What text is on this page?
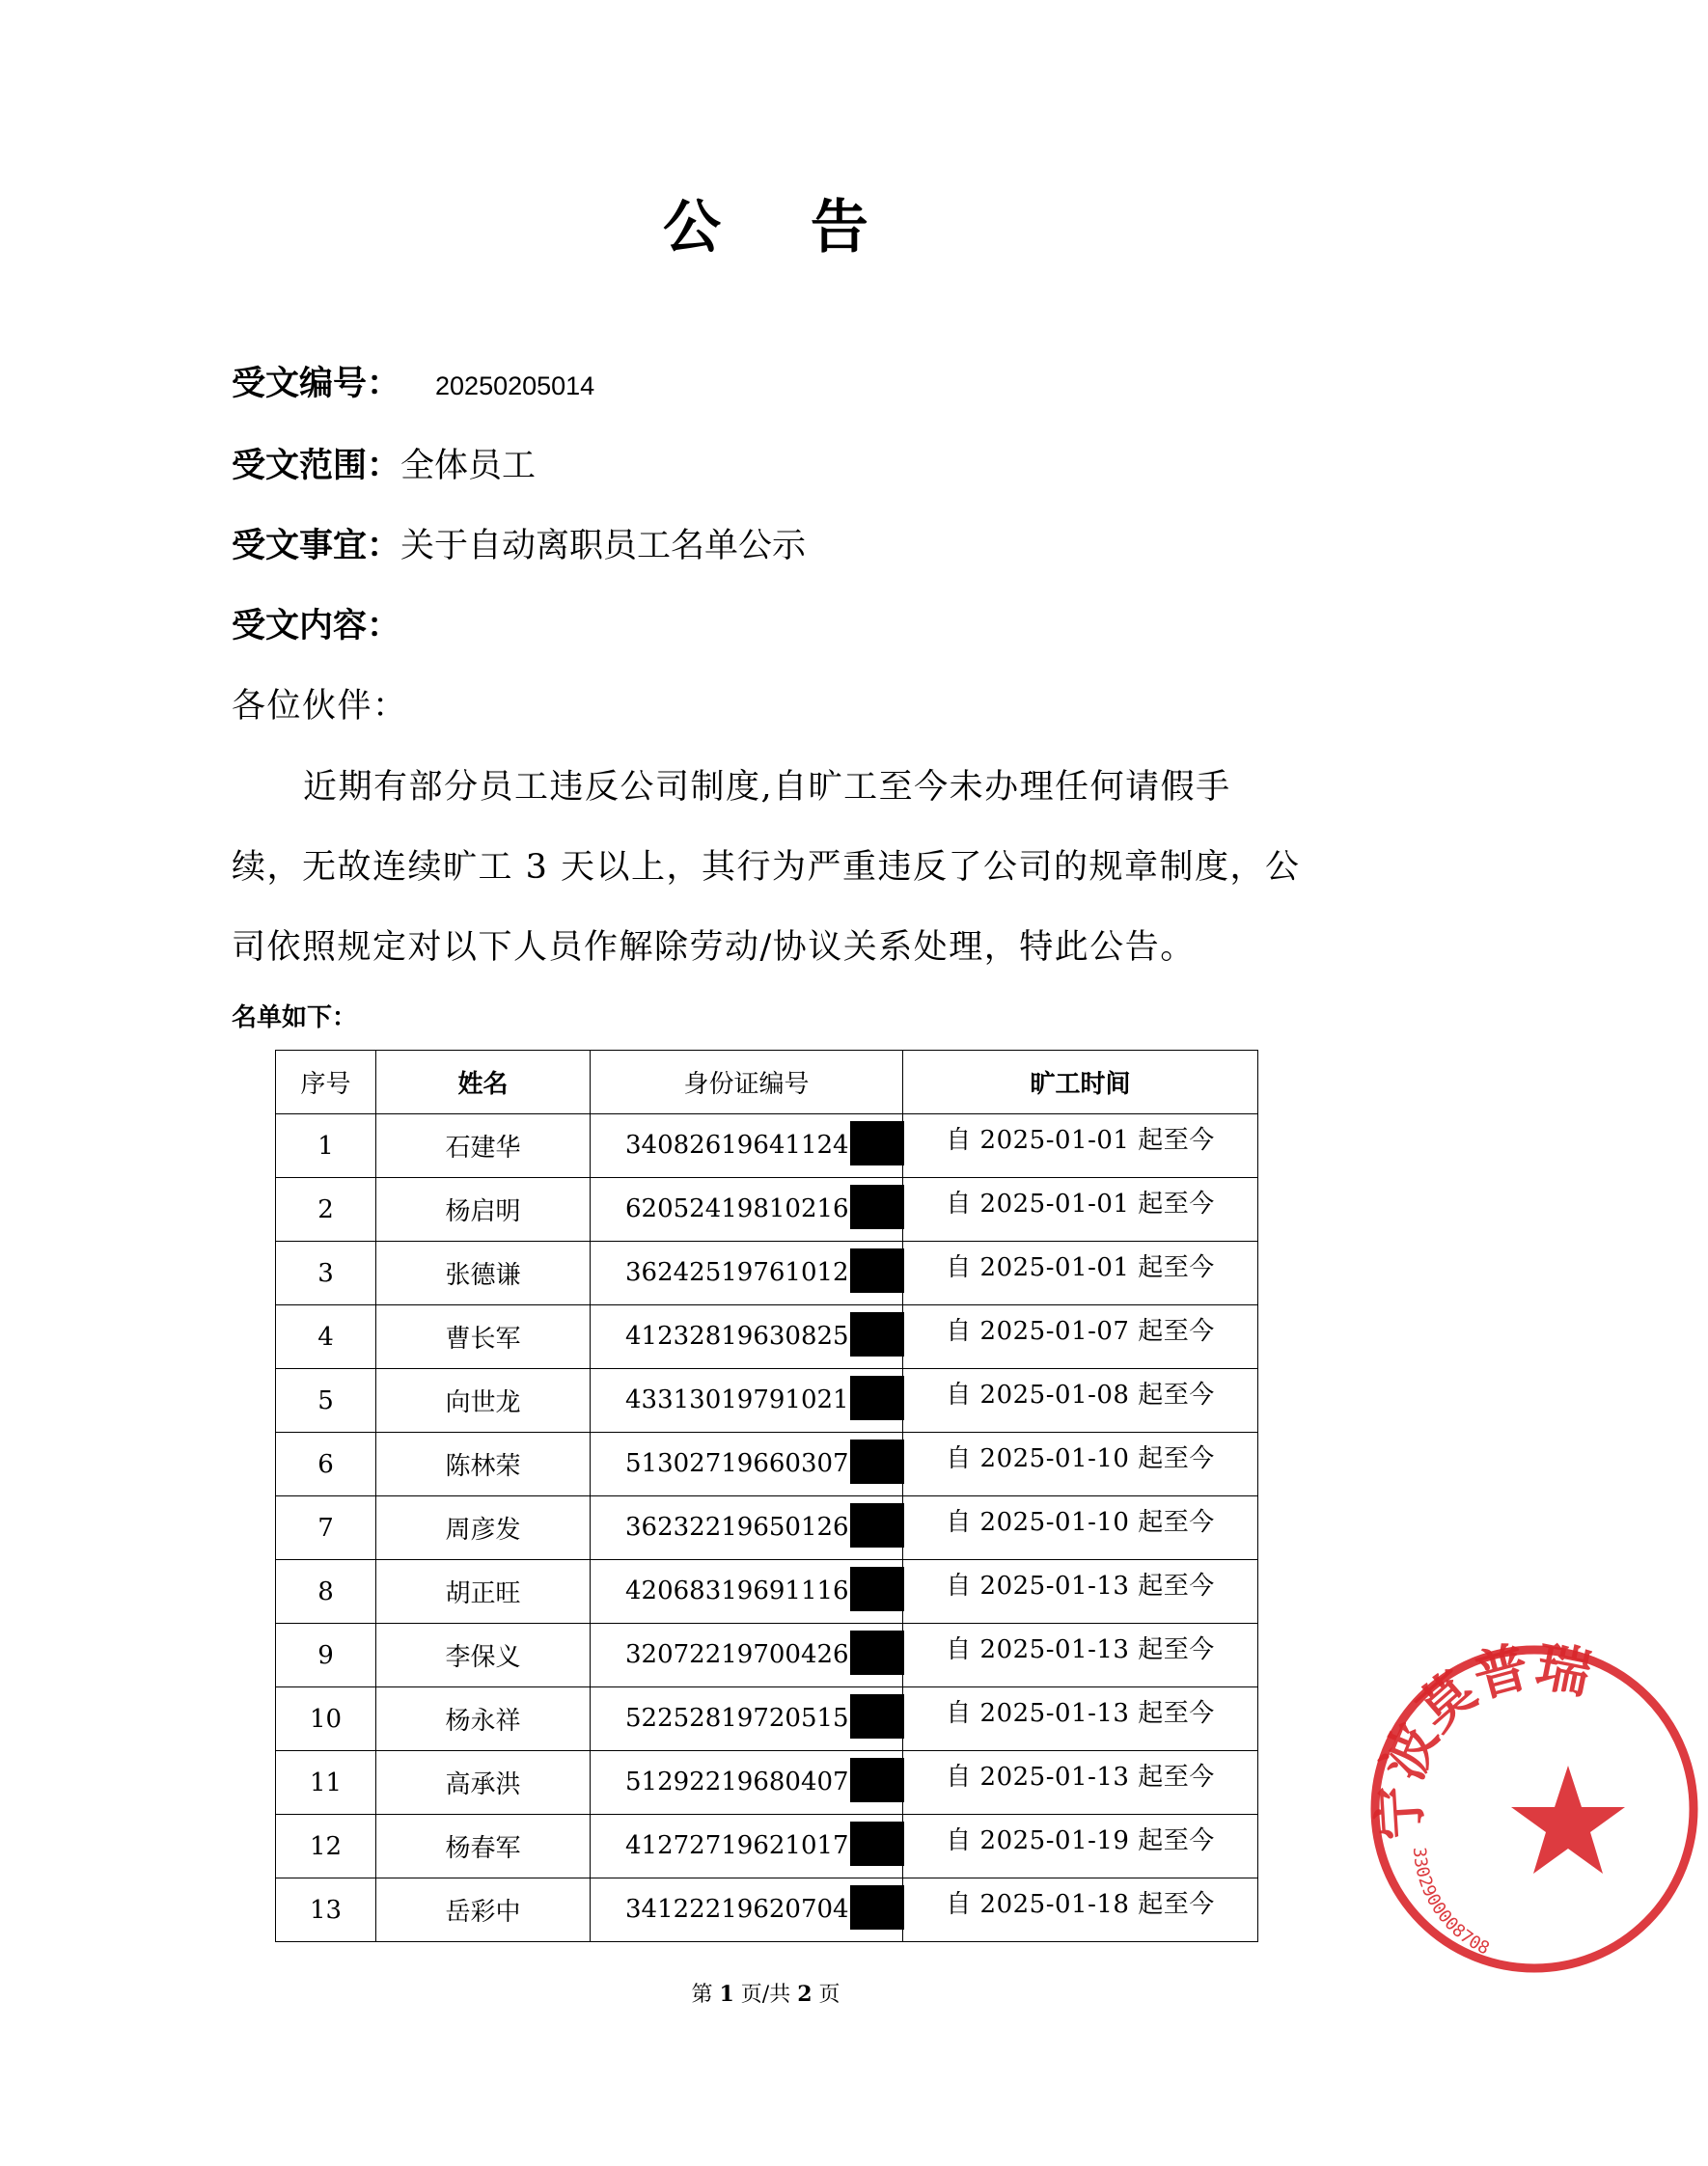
公 告
受文编号： 20250205014
受文范围：全体员工
受文事宜：关于自动离职员工名单公示
受文内容：
各位伙伴：
近期有部分员工违反公司制度,自旷工至今未办理任何请假手
续，无故连续旷工 3 天以上，其行为严重违反了公司的规章制度，公
司依照规定对以下人员作解除劳动/协议关系处理，特此公告。
名单如下：
序号	姓名	身份证编号	旷工时间
1	石建华	34082619641124	自 2025-01-01 起至今
2	杨启明	62052419810216	自 2025-01-01 起至今
3	张德谦	36242519761012	自 2025-01-01 起至今
4	曹长军	41232819630825	自 2025-01-07 起至今
5	向世龙	43313019791021	自 2025-01-08 起至今
6	陈林荣	51302719660307	自 2025-01-10 起至今
7	周彦发	36232219650126	自 2025-01-10 起至今
8	胡正旺	42068319691116	自 2025-01-13 起至今
9	李保义	32072219700426	自 2025-01-13 起至今
10	杨永祥	52252819720515	自 2025-01-13 起至今
11	高承洪	51292219680407	自 2025-01-13 起至今
12	杨春军	41272719621017	自 2025-01-19 起至今
13	岳彩中	34122219620704	自 2025-01-18 起至今
第 1 页/共 2 页
宁波莫普瑞
3302900008708
